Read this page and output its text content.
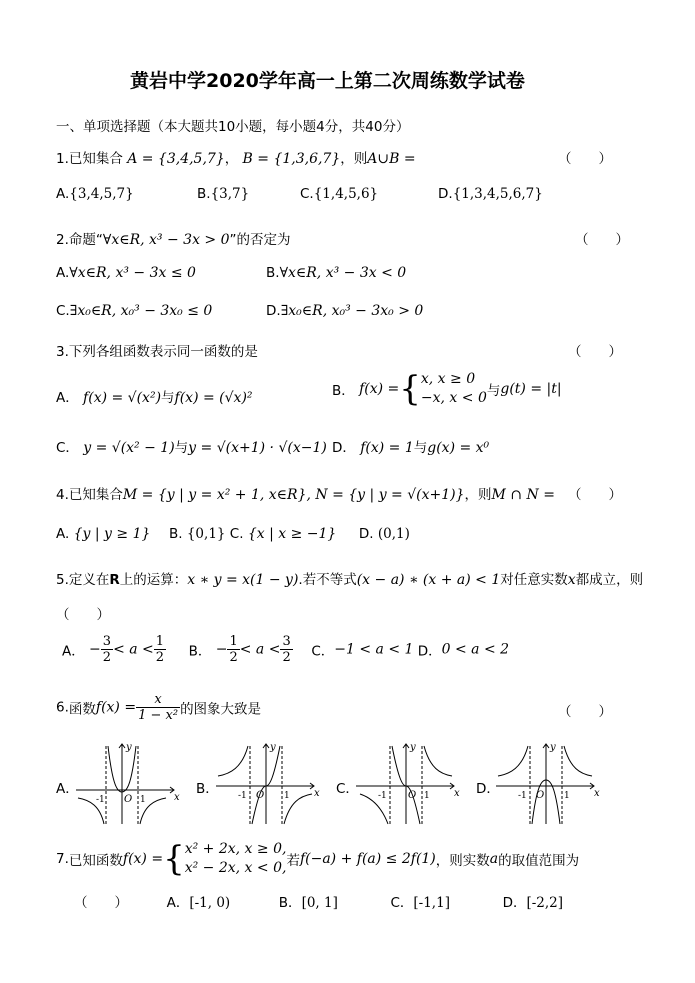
黄岩中学2020学年高一上第二次周练数学试卷
一、单项选择题（本大题共10小题，每小题4分，共40分）
1.已知集合 A = {3,4,5,7}， B = {1,3,6,7}，则A∪B =	（　　）
A.{3,4,5,7}	B.{3,7}	C.{1,4,5,6}	D.{1,3,4,5,6,7}
2.命题“∀x∈R, x³ − 3x > 0”的否定为	（　　）
A.∀x∈R, x³ − 3x ≤ 0	B.∀x∈R, x³ − 3x < 0
C.∃x₀∈R, x₀³ − 3x₀ ≤ 0	D.∃x₀∈R, x₀³ − 3x₀ > 0
3.下列各组函数表示同一函数的是	（　　）
A． f(x) = √(x²)与f(x) = (√x)²	B． f(x) ={ x, x ≥ 0
−x, x < 0 与g(t) = |t|
C． y = √(x² − 1)与y = √(x+1) · √(x−1) D． f(x) = 1与g(x) = x⁰
4.已知集合M = {y | y = x² + 1, x∈R}, N = {y | y = √(x+1)}，则M ∩ N = （　　）
A. {y | y ≥ 1} B. {0,1} C. {x | x ≥ −1} D. (0,1)
5.定义在R上的运算：x ∗ y = x(1 − y).若不等式(x − a) ∗ (x + a) < 1对任意实数x都成立，则
（　　）
A． − $\frac{3}{2} < a < \frac{1}{2}$ B． − $\frac{1}{2} < a < \frac{3}{2}$ C．−1 < a < 1 D．0 < a < 2
6.函数$f(x) = \frac{x}{\text{1 − x²}}$ 的图象大致是	（　　）
A．	B．	C．	D．
x
y
O
-1	1
x
y
O
-1	1	x
y
O
-1	1	x
y
O
-1	1
7.已知函数f(x) ={ x² + 2x, x ≥ 0,
x² − 2x, x < 0, 若f(−a) + f(a) ≤ 2f(1)，则实数a的取值范围为
（　　）	A．[-1, 0)	B．[0, 1]	C．[-1,1]	D．[-2,2]
